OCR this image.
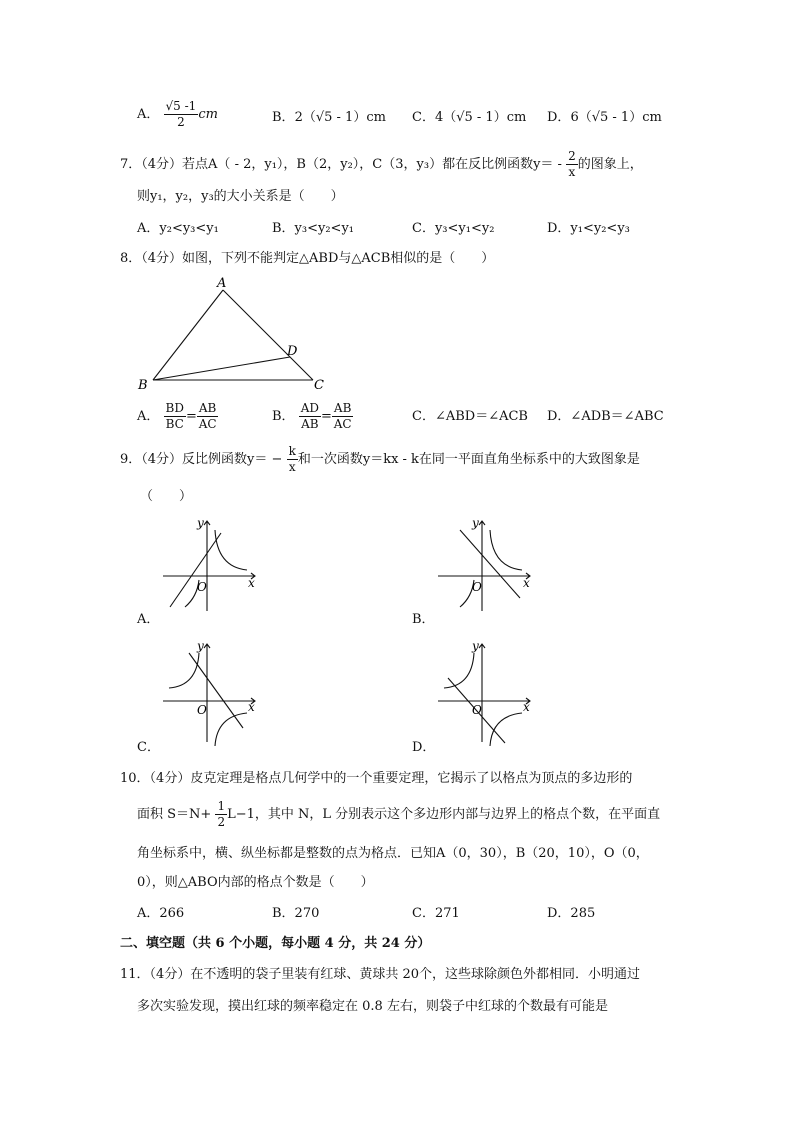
A． $\frac{√5 -1}{2}$ cm	B．2（√5 - 1）cm C．4（√5 - 1）cm D．6（√5 - 1）cm
7．（4分）若点A（ - 2，y₁），B（2，y₂），C（3，y₃）都在反比例函数$y= - \frac{2}{x}$ 的图象上，
则y₁，y₂，y₃的大小关系是（　　）
A．y₂<y₃<y₁	B．y₃<y₂<y₁	C．y₃<y₁<y₂	D．y₁<y₂<y₃
8．（4分）如图，下列不能判定△ABD与△ACB相似的是（　　）
A
B	C
D
A． $\frac{BD}{BC} = \frac{AB}{AC}$	B． $\frac{AD}{AB} = \frac{AB}{AC}$	C．∠ABD＝∠ACB D．∠ADB＝∠ABC
9．（4分）反比例函数$y= - \frac{k}{x}$ 和一次函数y＝kx - k在同一平面直角坐标系中的大致图象是
（　　）
y
x
O
A．
y
x
O
B．
y
x
O
C．
y
x
O
D．
10．（4分）皮克定理是格点几何学中的一个重要定理，它揭示了以格点为顶点的多边形的
面积 $S=N+ \frac{1}{2} L-1$，其中 N，L 分别表示这个多边形内部与边界上的格点个数，在平面直
角坐标系中，横、纵坐标都是整数的点为格点．已知A（0，30），B（20，10），O（0，
0），则△ABO内部的格点个数是（　　）
A．266	B．270	C．271	D．285
二、填空题（共 6 个小题，每小题 4 分，共 24 分）
11．（4分）在不透明的袋子里装有红球、黄球共 20个，这些球除颜色外都相同．小明通过
多次实验发现，摸出红球的频率稳定在 0.8 左右，则袋子中红球的个数最有可能是
